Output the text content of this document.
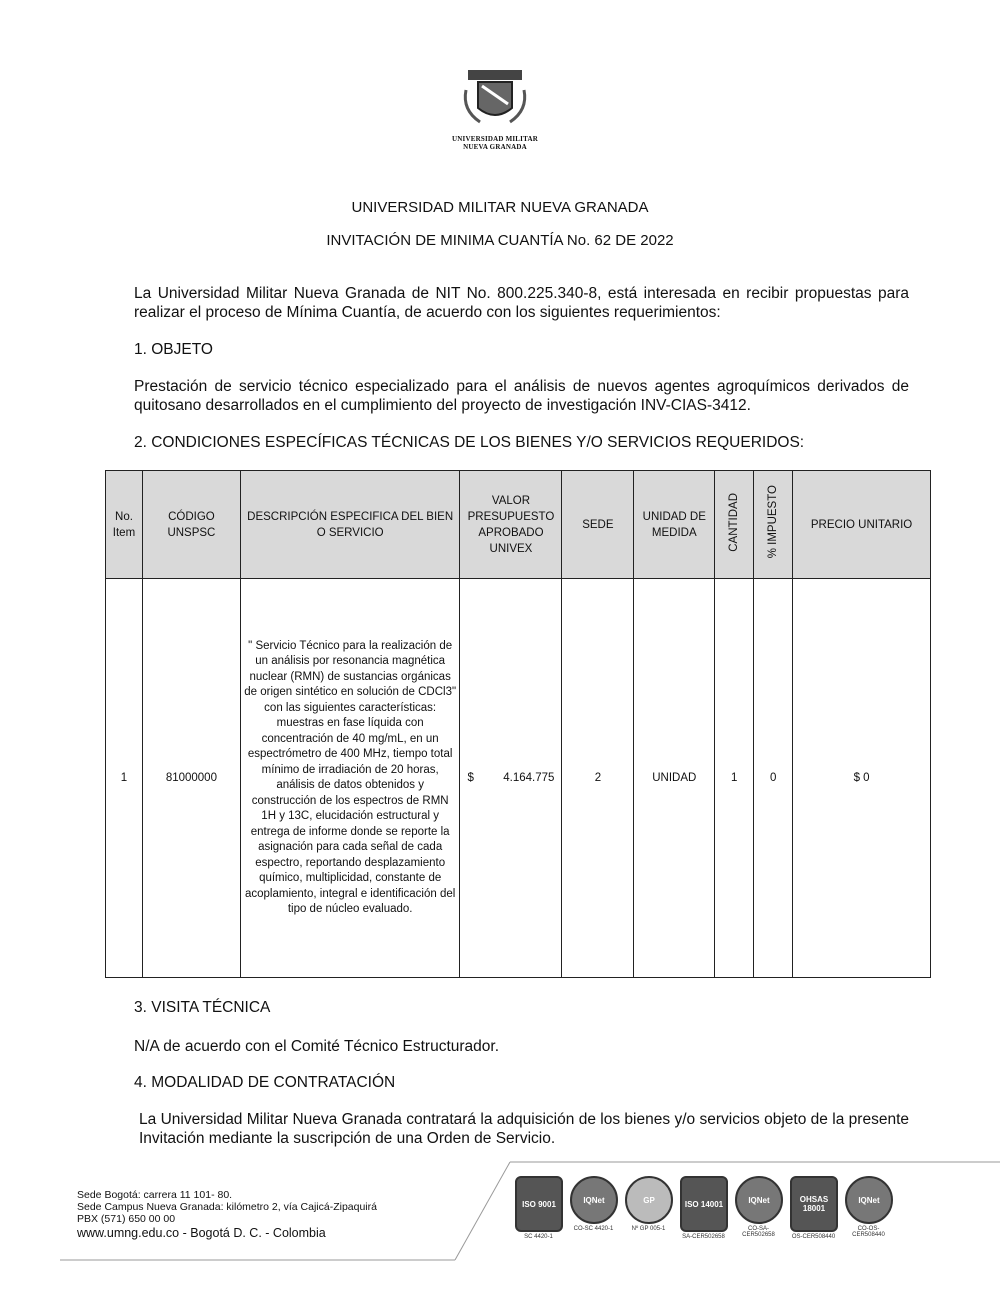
UNIVERSIDAD MILITAR
NUEVA GRANADA
UNIVERSIDAD MILITAR NUEVA GRANADA
INVITACIÓN DE MINIMA CUANTÍA No. 62 DE 2022
La Universidad Militar Nueva Granada de NIT No. 800.225.340-8, está interesada en recibir propuestas para realizar el proceso de Mínima Cuantía, de acuerdo con los siguientes requerimientos:
1. OBJETO
Prestación de servicio técnico especializado para el análisis de nuevos agentes agroquímicos derivados de quitosano desarrollados en el cumplimiento del proyecto de investigación INV-CIAS-3412.
2. CONDICIONES ESPECÍFICAS TÉCNICAS DE LOS BIENES Y/O SERVICIOS REQUERIDOS:
No. Item	CÓDIGO UNSPSC	DESCRIPCIÓN ESPECIFICA DEL BIEN O SERVICIO	VALOR PRESUPUESTO APROBADO UNIVEX	SEDE	UNIDAD DE MEDIDA	CANTIDAD	% IMPUESTO	PRECIO UNITARIO
1	81000000	" Servicio Técnico para la realización de un análisis por resonancia magnética nuclear (RMN) de sustancias orgánicas de origen sintético en solución de CDCl3" con las siguientes características: muestras en fase líquida con concentración de 40 mg/mL, en un espectrómetro de 400 MHz, tiempo total mínimo de irradiación de 20 horas, análisis de datos obtenidos y construcción de los espectros de RMN 1H y 13C, elucidación estructural y entrega de informe donde se reporte la asignación para cada señal de cada espectro, reportando desplazamiento químico, multiplicidad, constante de acoplamiento, integral e identificación del tipo de núcleo evaluado.	$ 4.164.775	2	UNIDAD	1	0	$ 0
3. VISITA TÉCNICA
N/A de acuerdo con el Comité Técnico Estructurador.
4. MODALIDAD DE CONTRATACIÓN
La Universidad Militar Nueva Granada contratará la adquisición de los bienes y/o servicios objeto de la presente Invitación mediante la suscripción de una Orden de Servicio.
Sede Bogotá: carrera 11 101- 80.
Sede Campus Nueva Granada: kilómetro 2, vía Cajicá-Zipaquirá
PBX (571) 650 00 00
www.umng.edu.co - Bogotá D. C. - Colombia
ISO 9001
SC 4420-1
IQNet
CO-SC 4420-1
GP
Nº GP 005-1
ISO 14001
SA-CER502658
IQNet
CO-SA-CER502658
OHSAS 18001
OS-CER508440
IQNet
CO-OS-CER508440
